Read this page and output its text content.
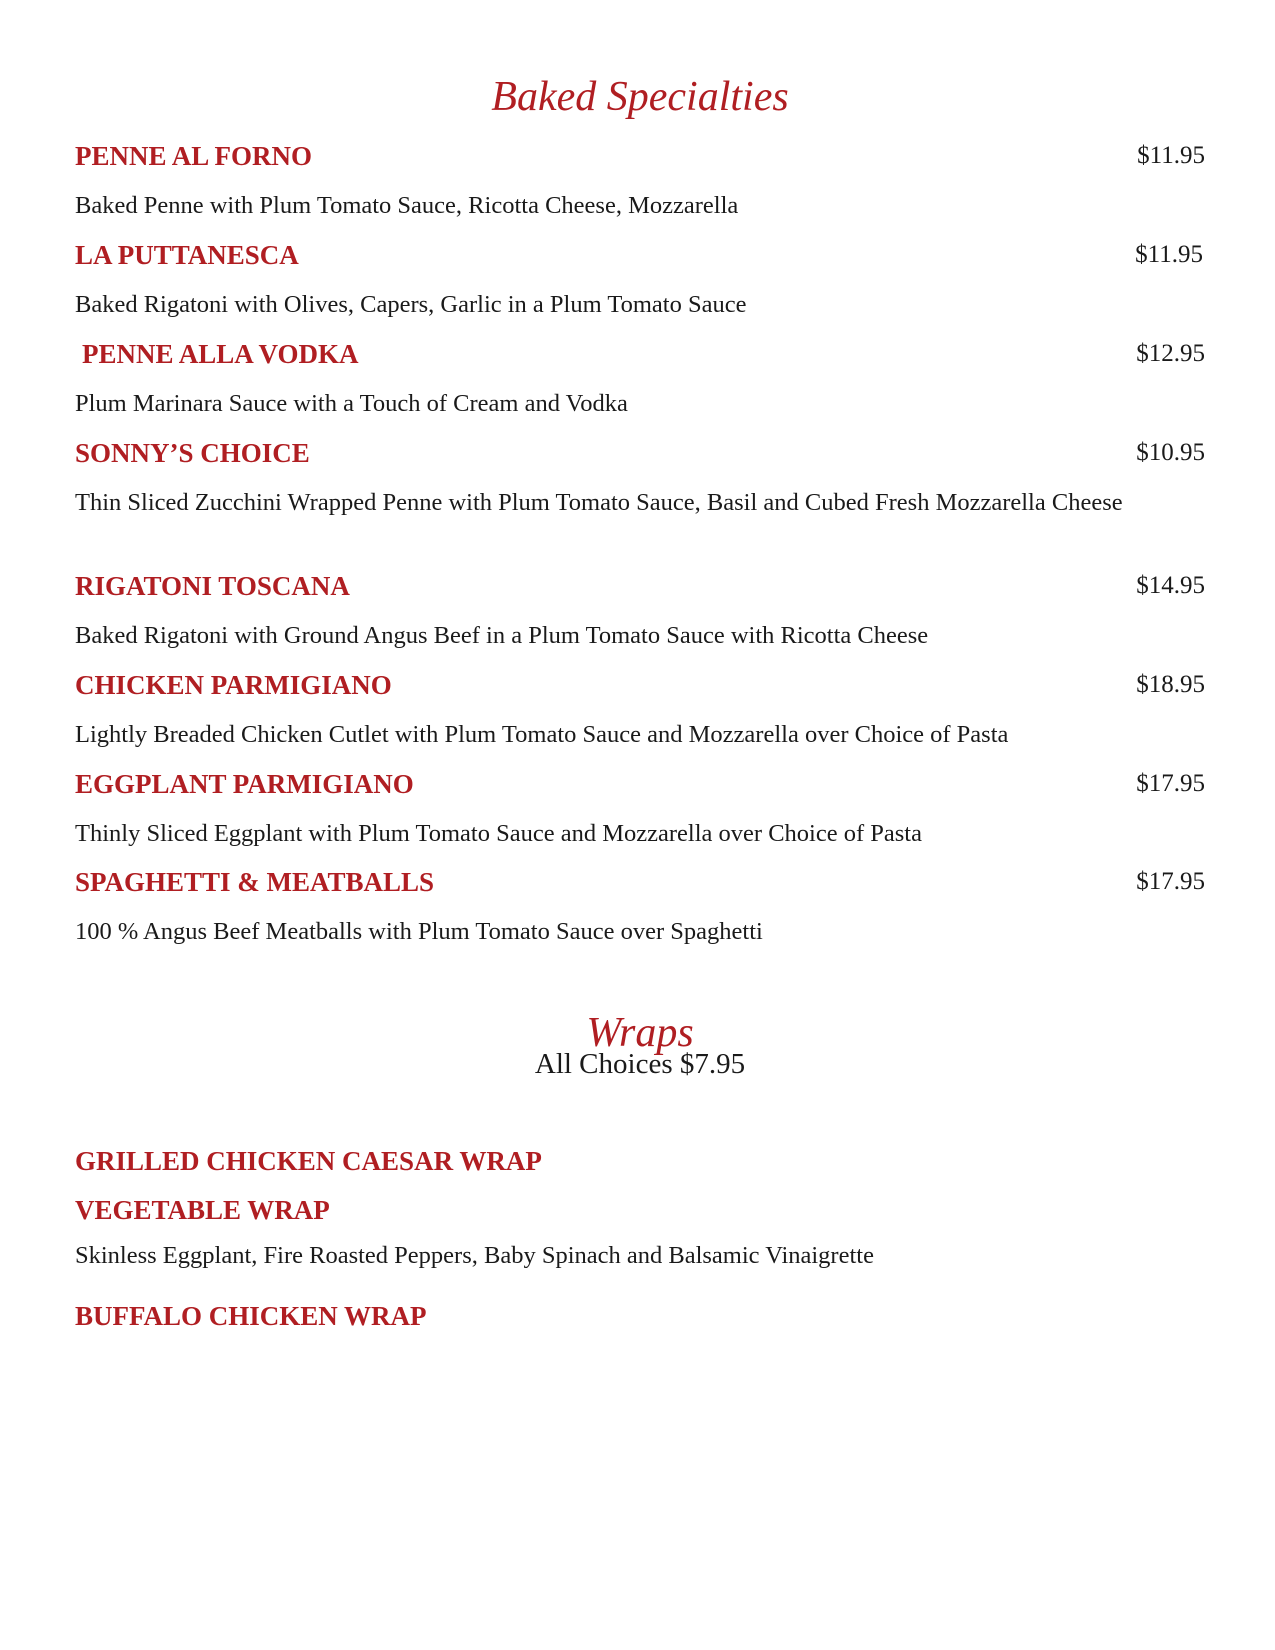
Baked Specialties
PENNE AL FORNO	$11.95
Baked Penne with Plum Tomato Sauce, Ricotta Cheese, Mozzarella
LA PUTTANESCA	$11.95
Baked Rigatoni with Olives, Capers, Garlic in a Plum Tomato Sauce
PENNE ALLA VODKA	$12.95
Plum Marinara Sauce with a Touch of Cream and Vodka
SONNY’S CHOICE	$10.95
Thin Sliced Zucchini Wrapped Penne with Plum Tomato Sauce, Basil and Cubed Fresh Mozzarella Cheese
RIGATONI TOSCANA	$14.95
Baked Rigatoni with Ground Angus Beef in a Plum Tomato Sauce with Ricotta Cheese
CHICKEN PARMIGIANO	$18.95
Lightly Breaded Chicken Cutlet with Plum Tomato Sauce and Mozzarella over Choice of Pasta
EGGPLANT PARMIGIANO	$17.95
Thinly Sliced Eggplant with Plum Tomato Sauce and Mozzarella over Choice of Pasta
SPAGHETTI & MEATBALLS	$17.95
100 % Angus Beef Meatballs with Plum Tomato Sauce over Spaghetti
Wraps
All Choices $7.95
GRILLED CHICKEN CAESAR WRAP
VEGETABLE WRAP
Skinless Eggplant, Fire Roasted Peppers, Baby Spinach and Balsamic Vinaigrette
BUFFALO CHICKEN WRAP
